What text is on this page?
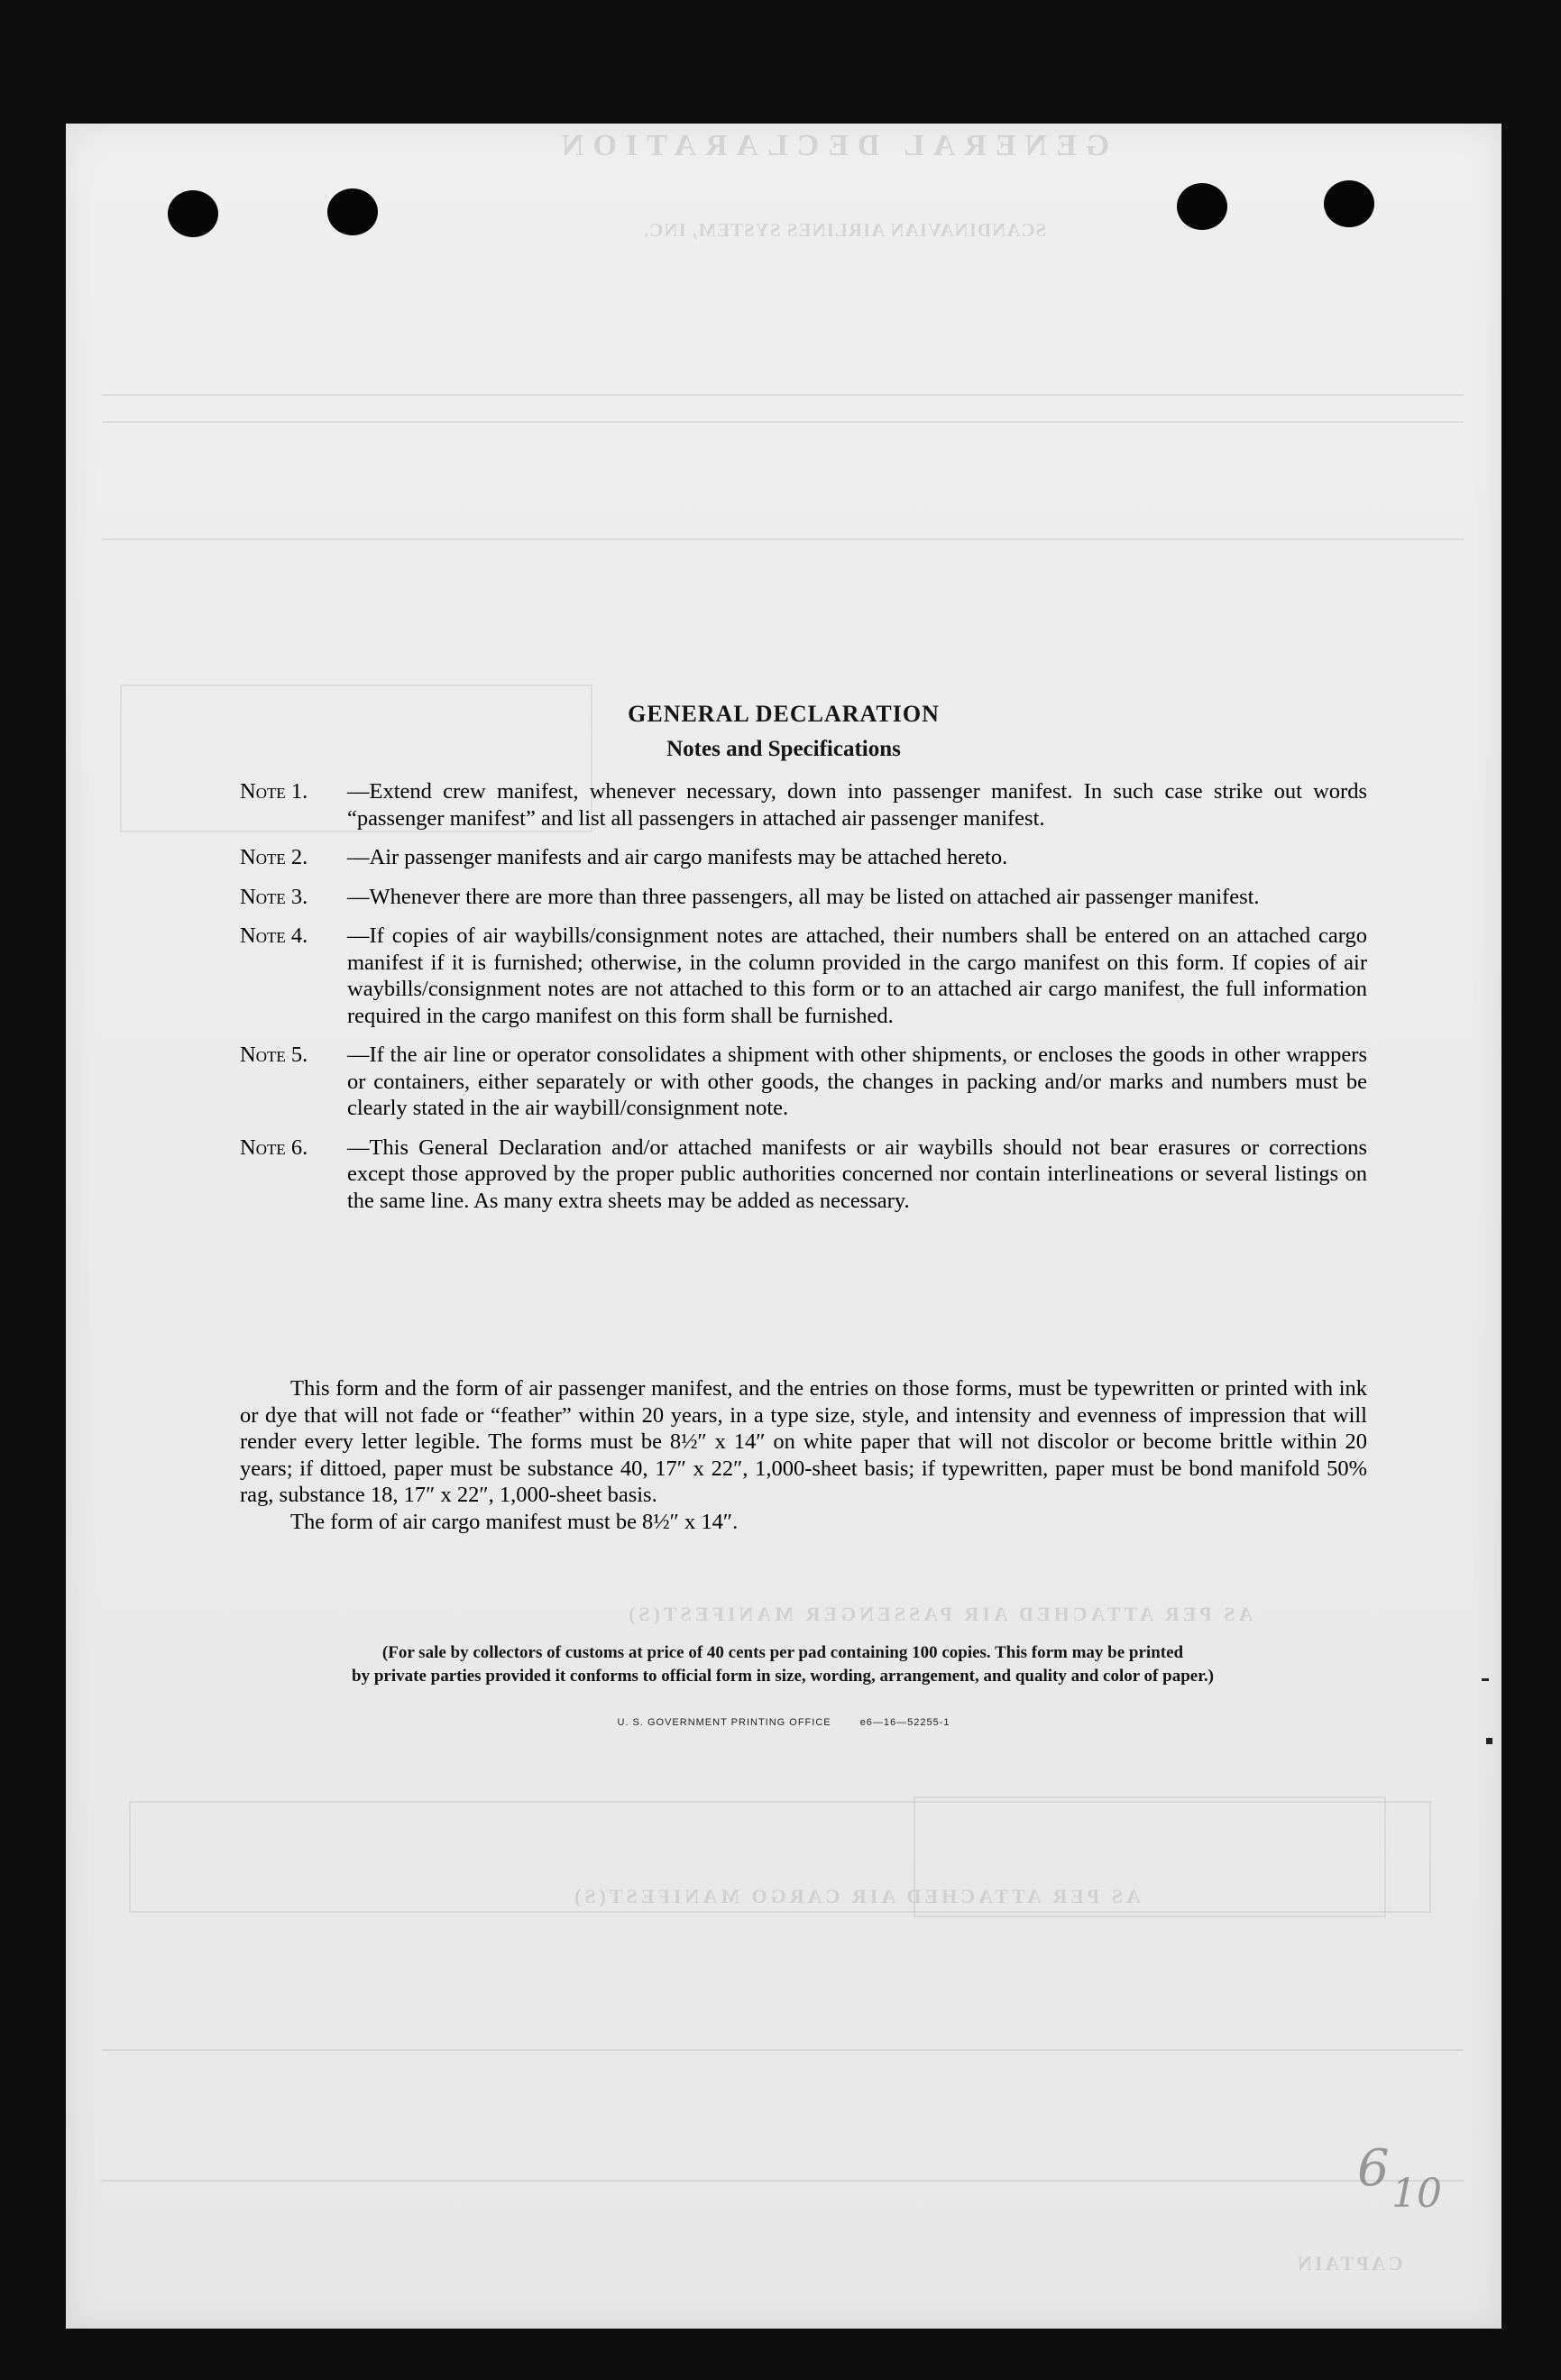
GENERAL DECLARATION
SCANDINAVIAN AIRLINES SYSTEM, INC.
AS PER ATTACHED AIR PASSENGER MANIFEST(S)
AS PER ATTACHED AIR CARGO MANIFEST(S)
CAPTAIN
6 10
GENERAL DECLARATION
Notes and Specifications
Note 1.	—Extend crew manifest, whenever necessary, down into passenger manifest. In such case strike out words “passenger manifest” and list all passengers in attached air passenger manifest.
Note 2.	—Air passenger manifests and air cargo manifests may be attached hereto.
Note 3.	—Whenever there are more than three passengers, all may be listed on attached air passenger manifest.
Note 4.	—If copies of air waybills/consignment notes are attached, their numbers shall be entered on an attached cargo manifest if it is furnished; otherwise, in the column provided in the cargo manifest on this form. If copies of air waybills/consignment notes are not attached to this form or to an attached air cargo manifest, the full information required in the cargo manifest on this form shall be furnished.
Note 5.	—If the air line or operator consolidates a shipment with other shipments, or encloses the goods in other wrappers or containers, either separately or with other goods, the changes in packing and/or marks and numbers must be clearly stated in the air waybill/consignment note.
Note 6.	—This General Declaration and/or attached manifests or air waybills should not bear erasures or corrections except those approved by the proper public authorities concerned nor contain interlineations or several listings on the same line. As many extra sheets may be added as necessary.

This form and the form of air passenger manifest, and the entries on those forms, must be typewritten or printed with ink or dye that will not fade or “feather” within 20 years, in a type size, style, and intensity and evenness of impression that will render every letter legible. The forms must be 8½″ x 14″ on white paper that will not discolor or become brittle within 20 years; if dittoed, paper must be substance 40, 17″ x 22″, 1,000-sheet basis; if typewritten, paper must be bond manifold 50% rag, substance 18, 17″ x 22″, 1,000-sheet basis.

The form of air cargo manifest must be 8½″ x 14″.

(For sale by collectors of customs at price of 40 cents per pad containing 100 copies. This form may be printed
by private parties provided it conforms to official form in size, wording, arrangement, and quality and color of paper.)
U. S. GOVERNMENT PRINTING OFFICE	e6—16—52255-1
